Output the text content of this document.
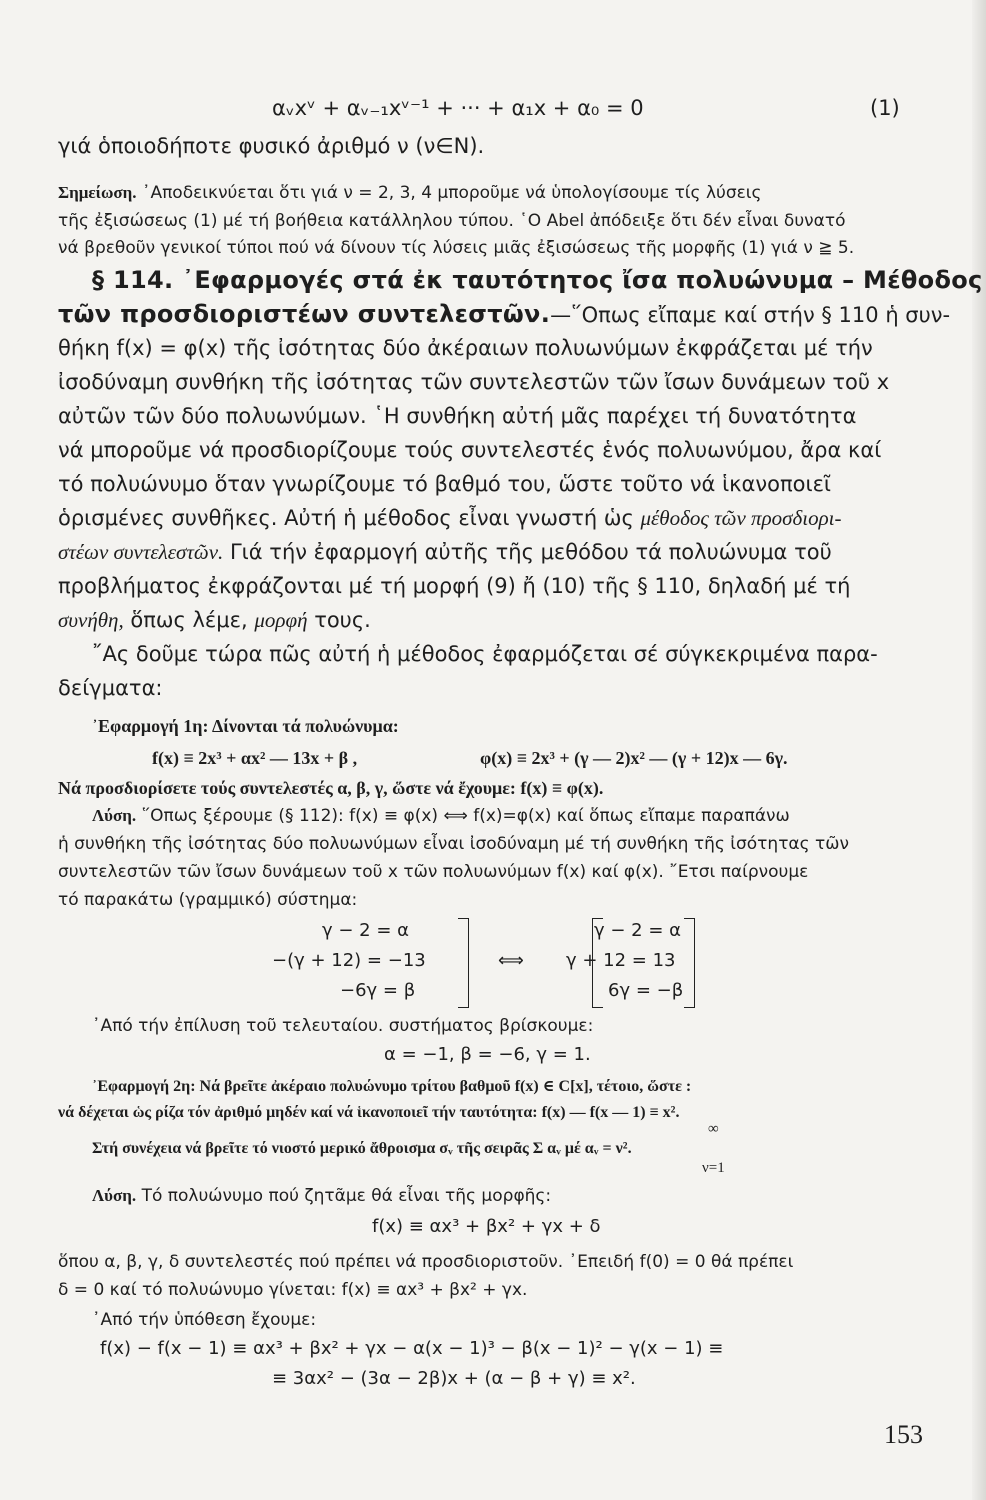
αᵥxᵛ + αᵥ₋₁xᵛ⁻¹ + ··· + α₁x + α₀ = 0	(1)
γιά ὁποιοδήποτε φυσικό ἀριθμό ν (ν∈N).
Σημείωση. ᾿Αποδεικνύεται ὅτι γιά ν = 2, 3, 4 μποροῦμε νά ὑπολογίσουμε τίς λύσεις
τῆς ἐξισώσεως (1) μέ τή βοήθεια κατάλληλου τύπου. ῾Ο Abel ἀπόδειξε ὅτι δέν εἶναι δυνατό
νά βρεθοῦν γενικοί τύποι πού νά δίνουν τίς λύσεις μιᾶς ἐξισώσεως τῆς μορφῆς (1) γιά ν ≧ 5.
§ 114. ᾿Εφαρμογές στά ἐκ ταυτότητος ἴσα πολυώνυμα – Μέθοδος
τῶν προσδιοριστέων συντελεστῶν.—῞Οπως εἴπαμε καί στήν § 110 ἡ συν-
θήκη f(x) = φ(x) τῆς ἰσότητας δύο ἀκέραιων πολυωνύμων ἐκφράζεται μέ τήν
ἰσοδύναμη συνθήκη τῆς ἰσότητας τῶν συντελεστῶν τῶν ἴσων δυνάμεων τοῦ x
αὐτῶν τῶν δύο πολυωνύμων. ῾Η συνθήκη αὐτή μᾶς παρέχει τή δυνατότητα
νά μποροῦμε νά προσδιορίζουμε τούς συντελεστές ἑνός πολυωνύμου, ἄρα καί
τό πολυώνυμο ὅταν γνωρίζουμε τό βαθμό του, ὥστε τοῦτο νά ἱκανοποιεῖ
ὁρισμένες συνθῆκες. Αὐτή ἡ μέθοδος εἶναι γνωστή ὡς μέθοδος τῶν προσδιορι-
στέων συντελεστῶν. Γιά τήν ἐφαρμογή αὐτῆς τῆς μεθόδου τά πολυώνυμα τοῦ
προβλήματος ἐκφράζονται μέ τή μορφή (9) ἤ (10) τῆς § 110, δηλαδή μέ τή
συνήθη, ὅπως λέμε, μορφή τους.
῎Ας δοῦμε τώρα πῶς αὐτή ἡ μέθοδος ἐφαρμόζεται σέ σύγκεκριμένα παρα-
δείγματα:
᾿Εφαρμογή 1η: Δίνονται τά πολυώνυμα:
f(x) ≡ 2x³ + αx² — 13x + β ,	φ(x) ≡ 2x³ + (γ — 2)x² — (γ + 12)x — 6γ.
Νά προσδιορίσετε τούς συντελεστές α, β, γ, ὥστε νά ἔχουμε: f(x) ≡ φ(x).
Λύση. ῞Οπως ξέρουμε (§ 112): f(x) ≡ φ(x) ⟺ f(x)=φ(x) καί ὅπως εἴπαμε παραπάνω
ἡ συνθήκη τῆς ἰσότητας δύο πολυωνύμων εἶναι ἰσοδύναμη μέ τή συνθήκη τῆς ἰσότητας τῶν
συντελεστῶν τῶν ἴσων δυνάμεων τοῦ x τῶν πολυωνύμων f(x) καί φ(x). ῎Ετσι παίρνουμε
τό παρακάτω (γραμμικό) σύστημα:
γ − 2 = α
−(γ + 12) = −13
−6γ = β
⟺
γ − 2 = α
γ + 12 = 13
6γ = −β
᾿Από τήν ἐπίλυση τοῦ τελευταίου. συστήματος βρίσκουμε:
α = −1, β = −6, γ = 1.
᾿Εφαρμογή 2η: Νά βρεῖτε ἀκέραιο πολυώνυμο τρίτου βαθμοῦ f(x) ∈ C[x], τέτοιο, ὥστε :
νά δέχεται ὡς ρίζα τόν ἀριθμό μηδέν καί νά ἱκανοποιεῖ τήν ταυτότητα: f(x) — f(x — 1) ≡ x².
∞
Στή συνέχεια νά βρεῖτε τό νιοστό μερικό ἄθροισμα σᵥ τῆς σειρᾶς Σ αᵥ μέ αᵥ = ν².
ν=1
Λύση. Τό πολυώνυμο πού ζητᾶμε θά εἶναι τῆς μορφῆς:
f(x) ≡ αx³ + βx² + γx + δ
ὅπου α, β, γ, δ συντελεστές πού πρέπει νά προσδιοριστοῦν. ᾿Επειδή f(0) = 0 θά πρέπει
δ = 0 καί τό πολυώνυμο γίνεται: f(x) ≡ αx³ + βx² + γx.
᾿Από τήν ὑπόθεση ἔχουμε:
f(x) − f(x − 1) ≡ αx³ + βx² + γx − α(x − 1)³ − β(x − 1)² − γ(x − 1) ≡
≡ 3αx² − (3α − 2β)x + (α − β + γ) ≡ x².
153
